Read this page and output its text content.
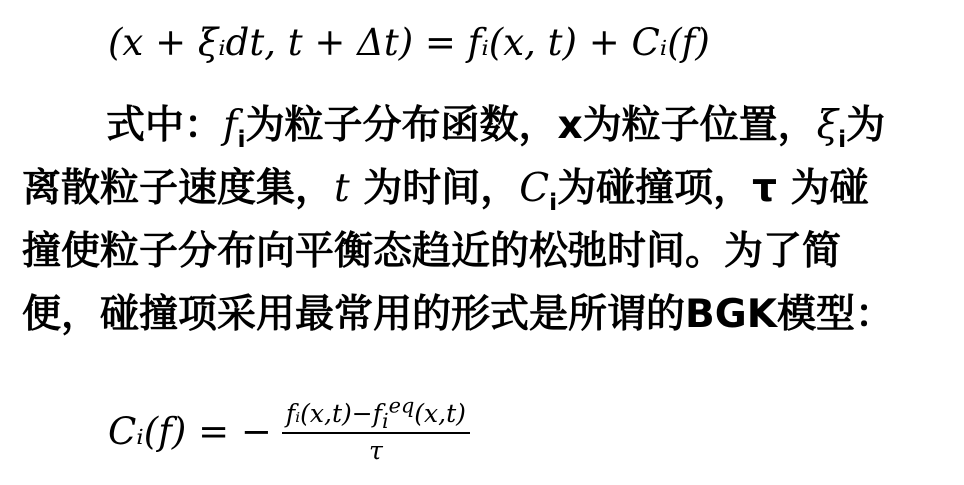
(x + ξᵢdt, t + Δt) = fᵢ(x, t) + Cᵢ(f)
式中：$f_i$为粒子分布函数，x为粒子位置，$\xi_i$为
离散粒子速度集，t 为时间，$C_i$为碰撞项，τ 为碰
撞使粒子分布向平衡态趋近的松弛时间。为了简
便，碰撞项采用最常用的形式是所谓的BGK模型：
Cᵢ(f) = − $\frac{fᵢ(x,t)-f_i^{eq}(x,t)}{\tau}$
